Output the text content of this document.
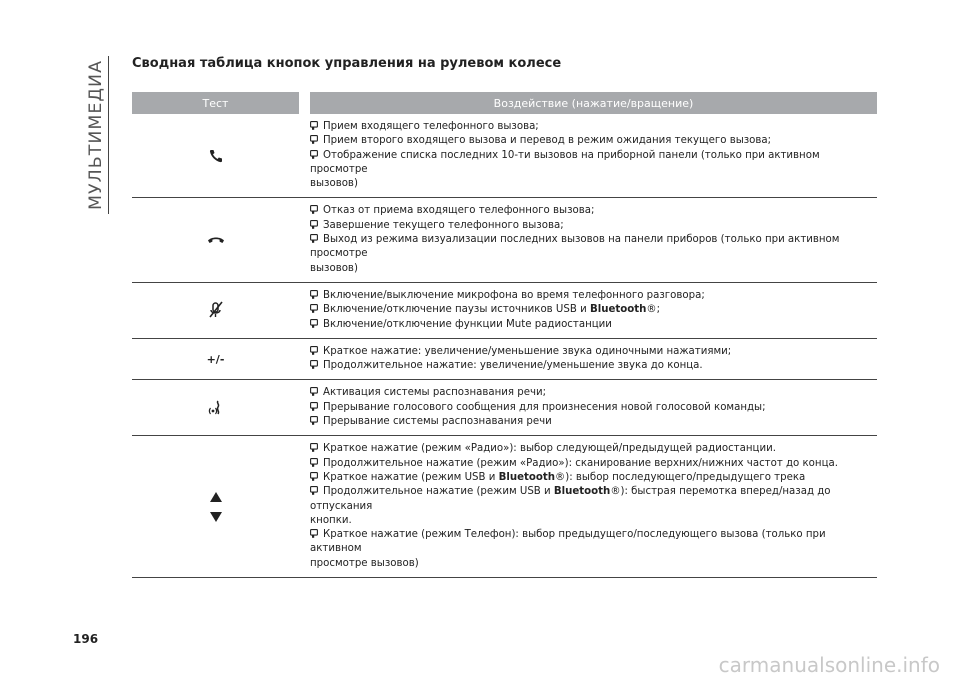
МУЛЬТИМЕДИА Сводная таблица кнопок управления на рулевом колесе
Тест	Воздействие (нажатие/вращение)
Прием входящего телефонного вызова;
Прием второго входящего вызова и перевод в режим ожидания текущего вызова;
Отображение списка последних 10-ти вызовов на приборной панели (только при активном просмотре
вызовов)
Отказ от приема входящего телефонного вызова;
Завершение текущего телефонного вызова;
Выход из режима визуализации последних вызовов на панели приборов (только при активном просмотре
вызовов)
Включение/выключение микрофона во время телефонного разговора;
Включение/отключение паузы источников USB и Bluetooth®;
Включение/отключение функции Mute радиостанции
+/-
Краткое нажатие: увеличение/уменьшение звука одиночными нажатиями;
Продолжительное нажатие: увеличение/уменьшение звука до конца.
Активация системы распознавания речи;
Прерывание голосового сообщения для произнесения новой голосовой команды;
Прерывание системы распознавания речи
Краткое нажатие (режим «Радио»): выбор следующей/предыдущей радиостанции.
Продолжительное нажатие (режим «Радио»): сканирование верхних/нижних частот до конца.
Краткое нажатие (режим USB и Bluetooth®): выбор последующего/предыдущего трека
Продолжительное нажатие (режим USB и Bluetooth®): быстрая перемотка вперед/назад до отпускания
кнопки.
Краткое нажатие (режим Телефон): выбор предыдущего/последующего вызова (только при активном
просмотре вызовов)
196
carmanualsonline.info
